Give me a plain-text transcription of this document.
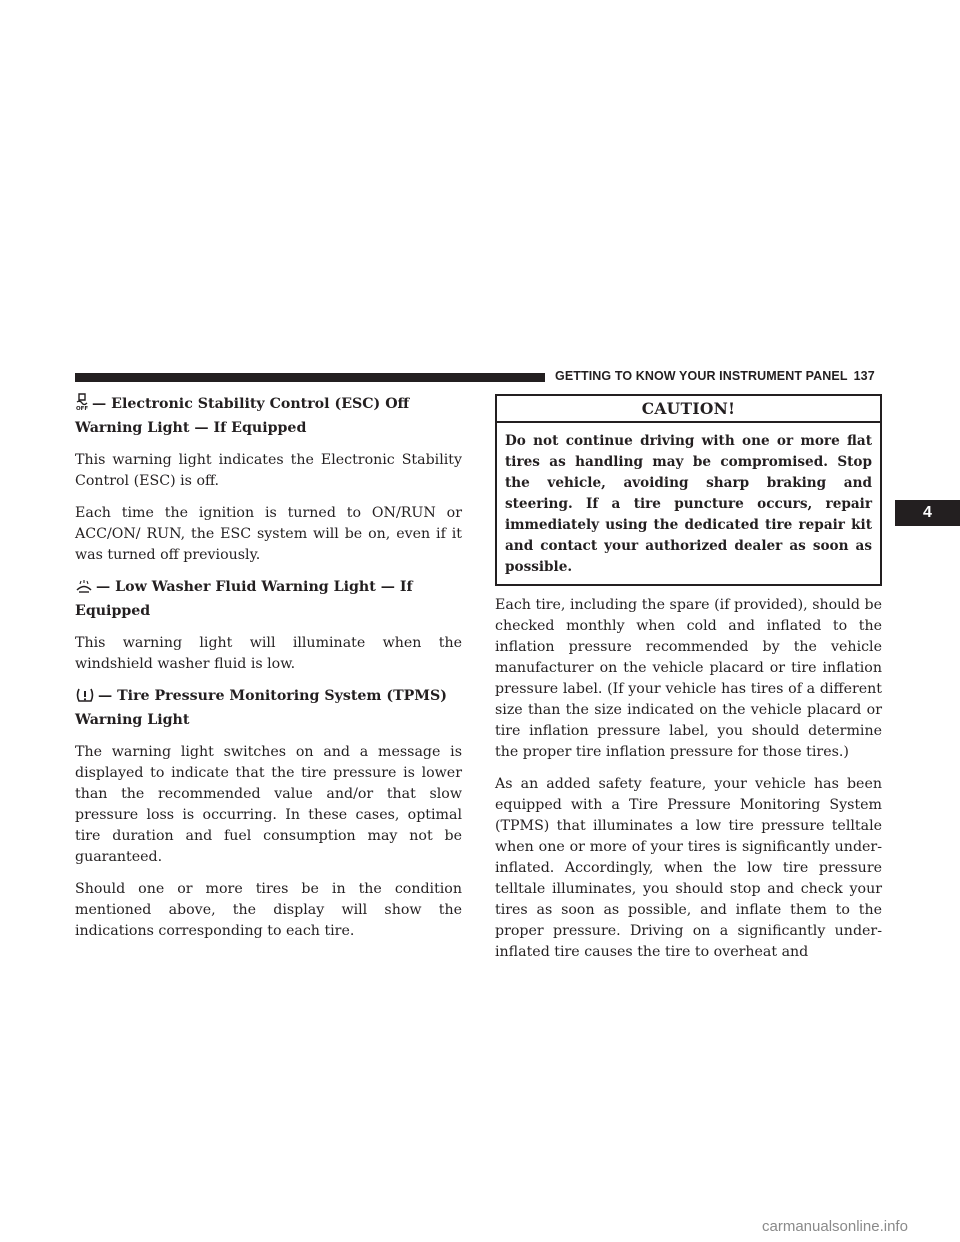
GETTING TO KNOW YOUR INSTRUMENT PANEL 137
4
OFF — Electronic Stability Control (ESC) Off Warning Light — If Equipped

This warning light indicates the Electronic Stability Control (ESC) is off.

Each time the ignition is turned to ON/RUN or ACC/ON/ RUN, the ESC system will be on, even if it was turned off previously.

— Low Washer Fluid Warning Light — If Equipped

This warning light will illuminate when the windshield washer fluid is low.

— Tire Pressure Monitoring System (TPMS) Warning Light

The warning light switches on and a message is displayed to indicate that the tire pressure is lower than the recommended value and/or that slow pressure loss is occurring. In these cases, optimal tire duration and fuel consumption may not be guaranteed.

Should one or more tires be in the condition mentioned above, the display will show the indications corresponding to each tire.

CAUTION!

Do not continue driving with one or more flat tires as handling may be compromised. Stop the vehicle, avoiding sharp braking and steering. If a tire puncture occurs, repair immediately using the dedicated tire repair kit and contact your authorized dealer as soon as possible.

Each tire, including the spare (if provided), should be checked monthly when cold and inflated to the inflation pressure recommended by the vehicle manufacturer on the vehicle placard or tire inflation pressure label. (If your vehicle has tires of a different size than the size indicated on the vehicle placard or tire inflation pressure label, you should determine the proper tire inflation pressure for those tires.)

As an added safety feature, your vehicle has been equipped with a Tire Pressure Monitoring System (TPMS) that illuminates a low tire pressure telltale when one or more of your tires is significantly under-inflated. Accordingly, when the low tire pressure telltale illuminates, you should stop and check your tires as soon as possible, and inflate them to the proper pressure. Driving on a significantly under-inflated tire causes the tire to overheat and

carmanualsonline.info
